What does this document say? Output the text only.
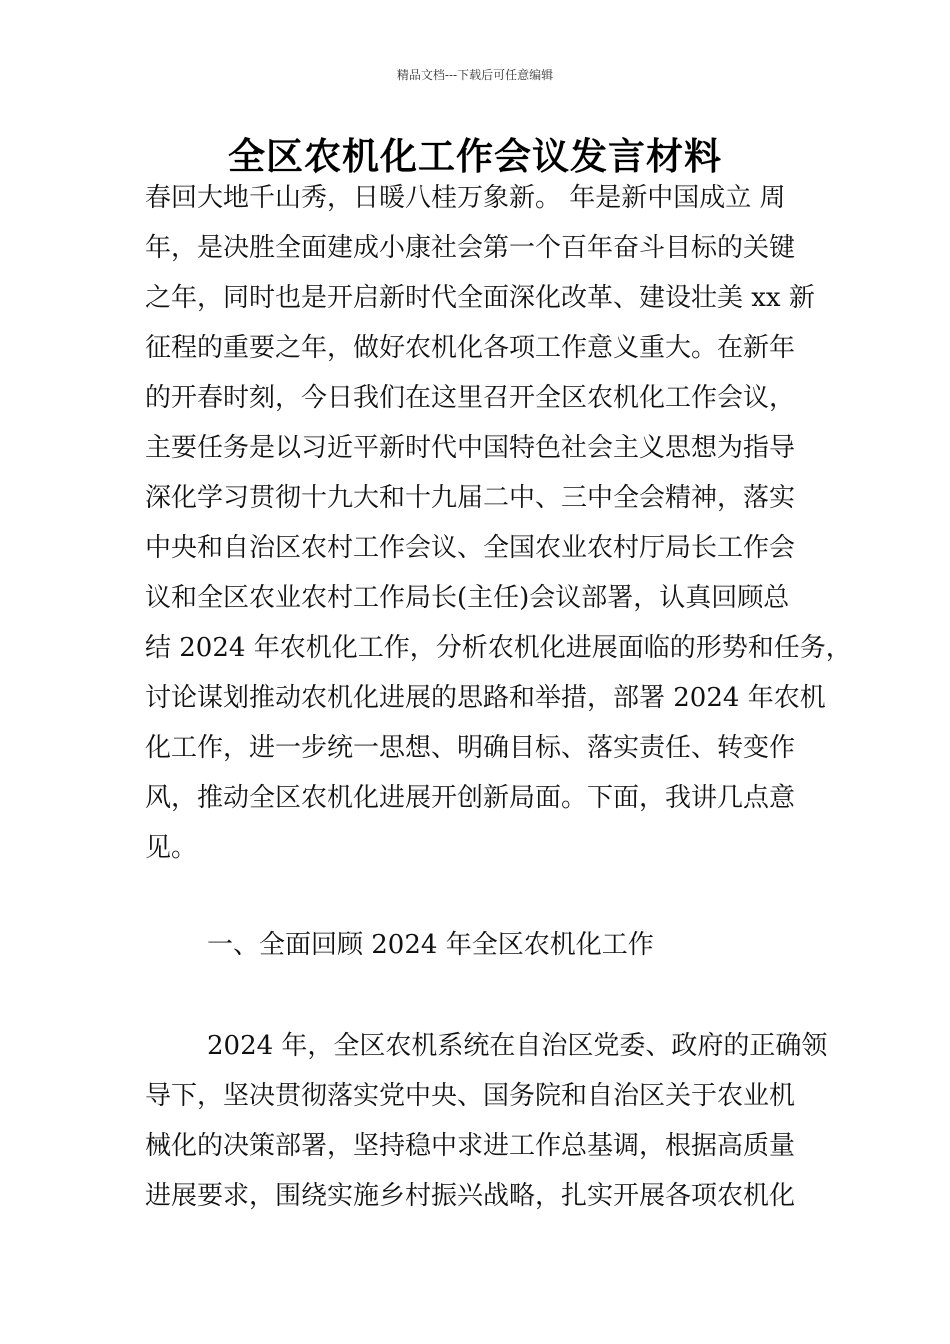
精品文档---下载后可任意编辑
全区农机化工作会议发言材料
春回大地千山秀，日暖八桂万象新。 年是新中国成立 周
年，是决胜全面建成小康社会第一个百年奋斗目标的关键
之年，同时也是开启新时代全面深化改革、建设壮美 xx 新
征程的重要之年，做好农机化各项工作意义重大。在新年
的开春时刻，今日我们在这里召开全区农机化工作会议，
主要任务是以习近平新时代中国特色社会主义思想为指导
深化学习贯彻十九大和十九届二中、三中全会精神，落实
中央和自治区农村工作会议、全国农业农村厅局长工作会
议和全区农业农村工作局长(主任)会议部署，认真回顾总
结 2024 年农机化工作，分析农机化进展面临的形势和任务，
讨论谋划推动农机化进展的思路和举措，部署 2024 年农机
化工作，进一步统一思想、明确目标、落实责任、转变作
风，推动全区农机化进展开创新局面。下面，我讲几点意
见。
一、全面回顾 2024 年全区农机化工作
2024 年，全区农机系统在自治区党委、政府的正确领
导下，坚决贯彻落实党中央、国务院和自治区关于农业机
械化的决策部署，坚持稳中求进工作总基调，根据高质量
进展要求，围绕实施乡村振兴战略，扎实开展各项农机化
